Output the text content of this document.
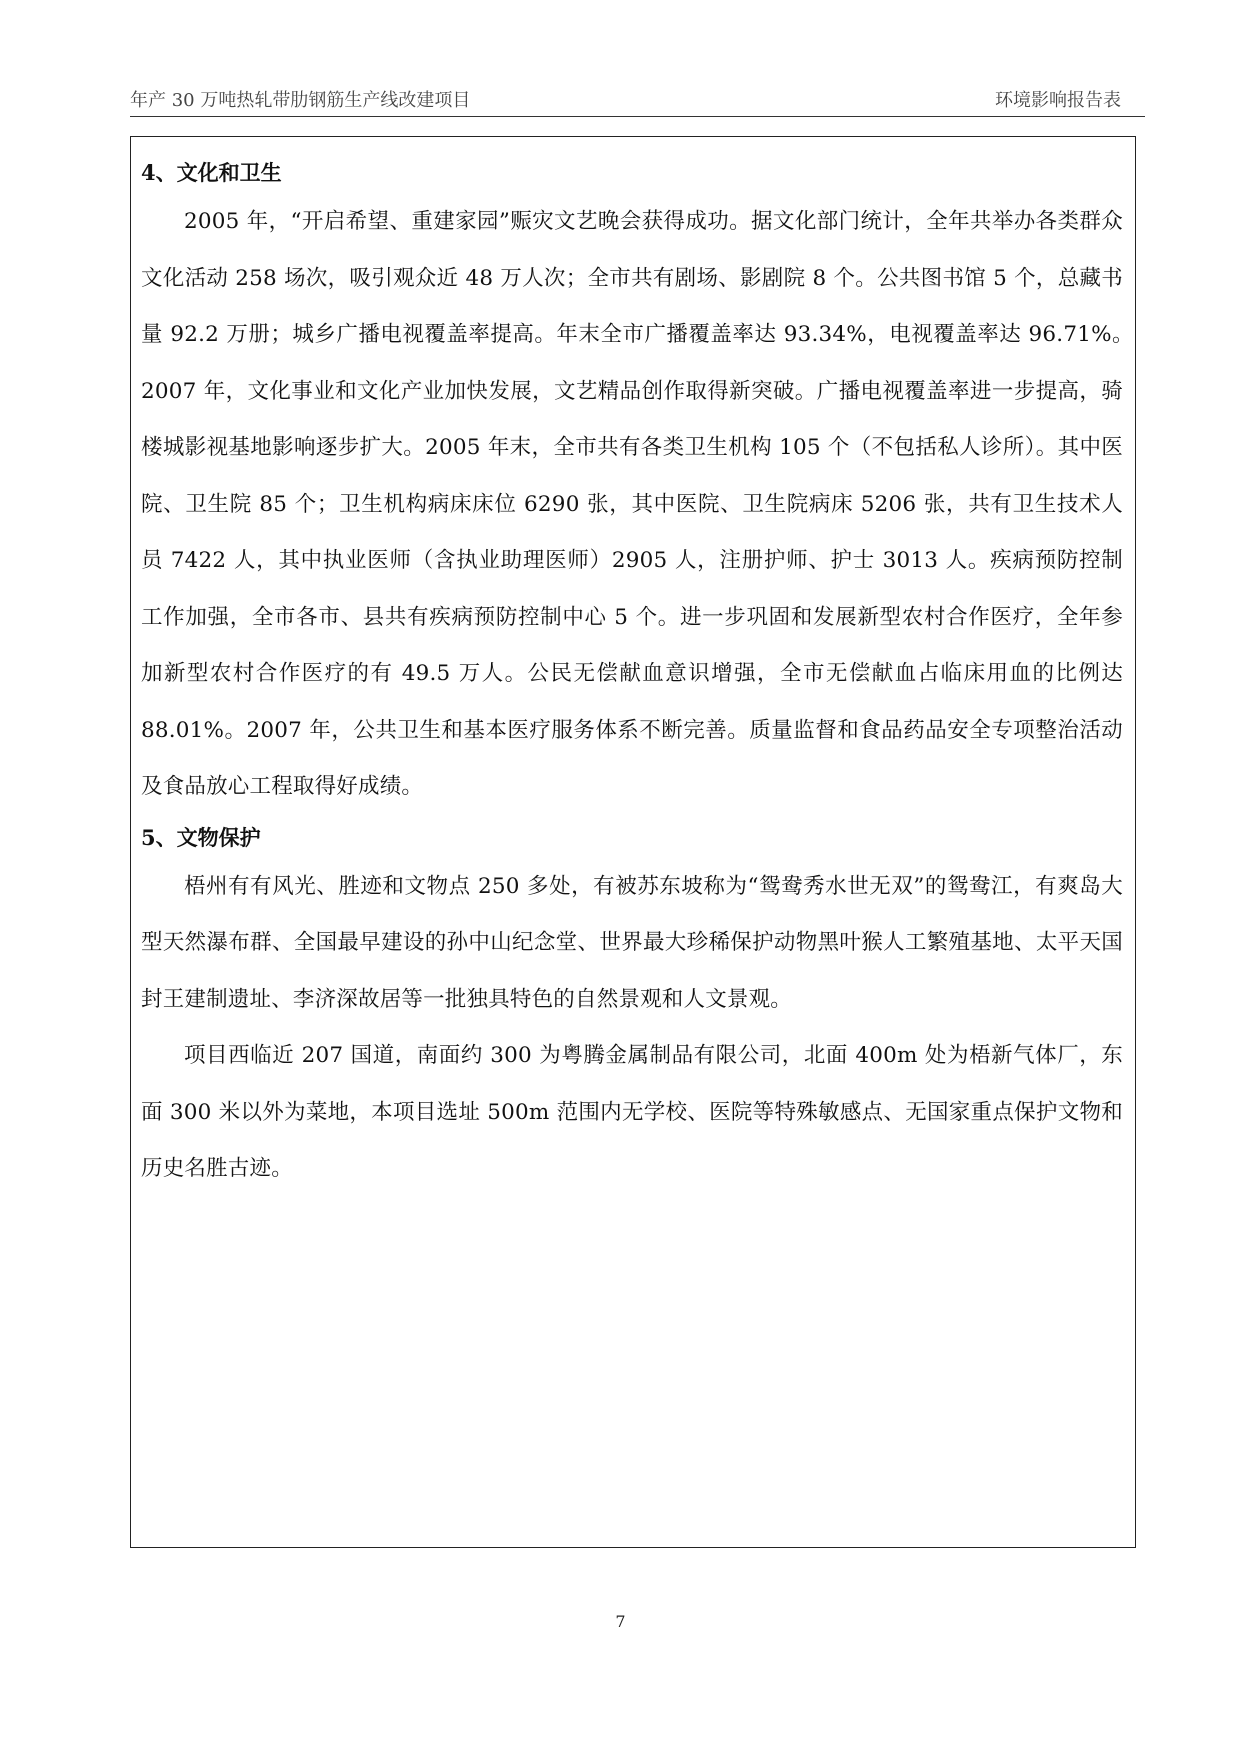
年产 30 万吨热轧带肋钢筋生产线改建项目	环境影响报告表
4、文化和卫生

2005 年，“开启希望、重建家园”赈灾文艺晚会获得成功。据文化部门统计，全年共举办各类群众文化活动 258 场次，吸引观众近 48 万人次；全市共有剧场、影剧院 8 个。公共图书馆 5 个，总藏书量 92.2 万册；城乡广播电视覆盖率提高。年末全市广播覆盖率达 93.34%，电视覆盖率达 96.71%。　2007 年，文化事业和文化产业加快发展，文艺精品创作取得新突破。广播电视覆盖率进一步提高，骑楼城影视基地影响逐步扩大。2005 年末，全市共有各类卫生机构 105 个（不包括私人诊所）。其中医院、卫生院 85 个；卫生机构病床床位 6290 张，其中医院、卫生院病床 5206 张，共有卫生技术人员 7422 人，其中执业医师（含执业助理医师）2905 人，注册护师、护士 3013 人。疾病预防控制工作加强，全市各市、县共有疾病预防控制中心 5 个。进一步巩固和发展新型农村合作医疗，全年参加新型农村合作医疗的有 49.5 万人。公民无偿献血意识增强，全市无偿献血占临床用血的比例达 88.01%。2007 年，公共卫生和基本医疗服务体系不断完善。质量监督和食品药品安全专项整治活动及食品放心工程取得好成绩。

5、文物保护

梧州有有风光、胜迹和文物点 250 多处，有被苏东坡称为“鸳鸯秀水世无双”的鸳鸯江，有爽岛大型天然瀑布群、全国最早建设的孙中山纪念堂、世界最大珍稀保护动物黑叶猴人工繁殖基地、太平天国封王建制遗址、李济深故居等一批独具特色的自然景观和人文景观。

项目西临近 207 国道，南面约 300 为粤腾金属制品有限公司，北面 400m 处为梧新气体厂，东面 300 米以外为菜地，本项目选址 500m 范围内无学校、医院等特殊敏感点、无国家重点保护文物和历史名胜古迹。

7
